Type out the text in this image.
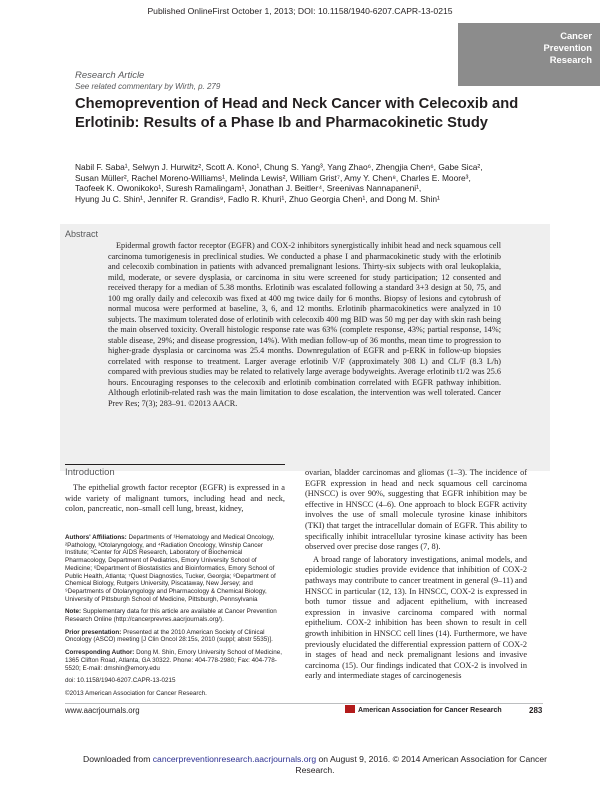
Published OnlineFirst October 1, 2013; DOI: 10.1158/1940-6207.CAPR-13-0215
Cancer
Prevention
Research
Research Article
See related commentary by Wirth, p. 279
Chemoprevention of Head and Neck Cancer with Celecoxib and Erlotinib: Results of a Phase Ib and Pharmacokinetic Study
Nabil F. Saba¹, Selwyn J. Hurwitz², Scott A. Kono¹, Chung S. Yang³, Yang Zhao⁶, Zhengjia Chen⁶, Gabe Sica²,
Susan Müller², Rachel Moreno-Williams¹, Melinda Lewis², William Grist⁷, Amy Y. Chen⁸, Charles E. Moore³,
Taofeek K. Owonikoko¹, Suresh Ramalingam¹, Jonathan J. Beitler⁴, Sreenivas Nannapaneni¹,
Hyung Ju C. Shin¹, Jennifer R. Grandis⁹, Fadlo R. Khuri¹, Zhuo Georgia Chen¹, and Dong M. Shin¹
Abstract

Epidermal growth factor receptor (EGFR) and COX-2 inhibitors synergistically inhibit head and neck squamous cell carcinoma tumorigenesis in preclinical studies. We conducted a phase I and pharmacokinetic study with the erlotinib and celecoxib combination in patients with advanced premalignant lesions. Thirty-six subjects with oral leukoplakia, mild, moderate, or severe dysplasia, or carcinoma in situ were screened for study participation; 12 consented and received therapy for a median of 5.38 months. Erlotinib was escalated following a standard 3+3 design at 50, 75, and 100 mg orally daily and celecoxib was fixed at 400 mg twice daily for 6 months. Biopsy of lesions and cytobrush of normal mucosa were performed at baseline, 3, 6, and 12 months. Erlotinib pharmacokinetics were analyzed in 10 subjects. The maximum tolerated dose of erlotinib with celecoxib 400 mg BID was 50 mg per day with skin rash being the main observed toxicity. Overall histologic response rate was 63% (complete response, 43%; partial response, 14%; stable disease, 29%; and disease progression, 14%). With median follow-up of 36 months, mean time to progression to higher-grade dysplasia or carcinoma was 25.4 months. Downregulation of EGFR and p-ERK in follow-up biopsies correlated with response to treatment. Larger average erlotinib V/F (approximately 308 L) and CL/F (8.3 L/h) compared with previous studies may be related to relatively large average bodyweights. Average erlotinib t1/2 was 25.6 hours. Encouraging responses to the celecoxib and erlotinib combination correlated with EGFR pathway inhibition. Although erlotinib-related rash was the main limitation to dose escalation, the intervention was well tolerated. Cancer Prev Res; 7(3); 283–91. ©2013 AACR.

Introduction
The epithelial growth factor receptor (EGFR) is expressed in a wide variety of malignant tumors, including head and neck, colon, pancreatic, non–small cell lung, breast, kidney,

Authors' Affiliations: Departments of ¹Hematology and Medical Oncology, ²Pathology, ³Otolaryngology, and ⁴Radiation Oncology, Winship Cancer Institute; ⁵Center for AIDS Research, Laboratory of Biochemical Pharmacology, Department of Pediatrics, Emory University School of Medicine; ⁶Department of Biostatistics and Bioinformatics, Emory School of Public Health, Atlanta; ⁷Quest Diagnostics, Tucker, Georgia; ⁸Department of Chemical Biology, Rutgers University, Piscataway, New Jersey; and ⁹Departments of Otolaryngology and Pharmacology & Chemical Biology, University of Pittsburgh School of Medicine, Pittsburgh, Pennsylvania

Note: Supplementary data for this article are available at Cancer Prevention Research Online (http://cancerprevres.aacrjournals.org/).

Prior presentation: Presented at the 2010 American Society of Clinical Oncology (ASCO) meeting [J Clin Oncol 28:15s, 2010 (suppl; abstr 5535)].

Corresponding Author: Dong M. Shin, Emory University School of Medicine, 1365 Clifton Road, Atlanta, GA 30322. Phone: 404-778-2980; Fax: 404-778-5520; E-mail: dmshin@emory.edu

doi: 10.1158/1940-6207.CAPR-13-0215

©2013 American Association for Cancer Research.

ovarian, bladder carcinomas and gliomas (1–3). The incidence of EGFR expression in head and neck squamous cell carcinoma (HNSCC) is over 90%, suggesting that EGFR inhibition may be effective in HNSCC (4–6). One approach to block EGFR activity involves the use of small molecule tyrosine kinase inhibitors (TKI) that target the intracellular domain of EGFR. This ability to specifically inhibit intracellular tyrosine kinase activity has been observed over precise dose ranges (7, 8).

A broad range of laboratory investigations, animal models, and epidemiologic studies provide evidence that inhibition of COX-2 pathways may contribute to cancer treatment in general (9–11) and HNSCC in particular (12, 13). In HNSCC, COX-2 is expressed in both tumor tissue and adjacent epithelium, with increased expression in invasive carcinoma compared with normal epithelium. COX-2 inhibition has been shown to result in cell growth inhibition in HNSCC cell lines (14). Furthermore, we have previously elucidated the differential expression pattern of COX-2 in stages of head and neck premalignant lesions and invasive carcinoma (15). Our findings indicated that COX-2 is involved in early and intermediate stages of carcinogenesis

www.aacrjournals.org	American Association for Cancer Research	283
Downloaded from cancerpreventionresearch.aacrjournals.org on August 9, 2016. © 2014 American Association for Cancer Research.
